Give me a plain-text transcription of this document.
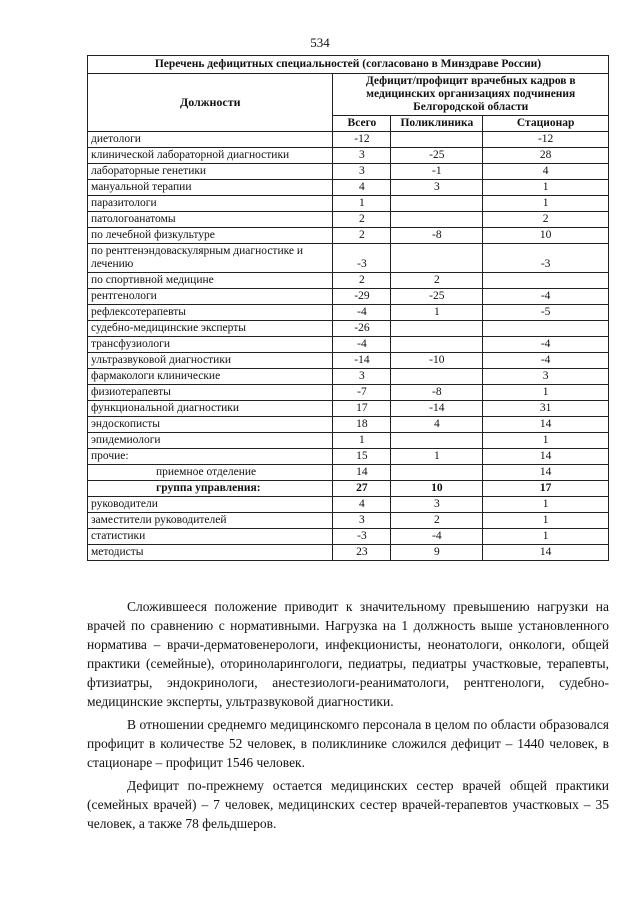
534
Перечень дефицитных специальностей (согласовано в Минздраве России)			
Должности	Дефицит/профицит врачебных кадров в медицинских организациях подчинения Белгородской области		
	Всего	Поликлиника	Стационар
диетологи	-12		-12
клинической лабораторной диагностики	3	-25	28
лабораторные генетики	3	-1	4
мануальной терапии	4	3	1
паразитологи	1		1
патологоанатомы	2		2
по лечебной физкультуре	2	-8	10
по рентгенэндоваскулярным диагностике и лечению	-3		-3
по спортивной медицине	2	2	
рентгенологи	-29	-25	-4
рефлексотерапевты	-4	1	-5
судебно-медицинские эксперты	-26		
трансфузиологи	-4		-4
ультразвуковой диагностики	-14	-10	-4
фармакологи клинические	3		3
физиотерапевты	-7	-8	1
функциональной диагностики	17	-14	31
эндоскописты	18	4	14
эпидемиологи	1		1
прочие:	15	1	14
приемное отделение	14		14
группа управления:	27	10	17
руководители	4	3	1
заместители руководителей	3	2	1
статистики	-3	-4	1
методисты	23	9	14

Сложившееся положение приводит к значительному превышению нагрузки на врачей по сравнению с нормативными. Нагрузка на 1 должность выше установленного норматива – врачи-дерматовенерологи, инфекционисты, неонатологи, онкологи, общей практики (семейные), оториноларингологи, педиатры, педиатры участковые, терапевты, фтизиатры, эндокринологи, анестезиологи-реаниматологи, рентгенологи, судебно-медицинские эксперты, ультразвуковой диагностики.

В отношении среднемго медицинскомго персонала в целом по области образовался профицит в количестве 52 человек, в поликлинике сложился дефицит – 1440 человек, в стационаре – профицит 1546 человек.

Дефицит по-прежнему остается медицинских сестер врачей общей практики (семейных врачей) – 7 человек, медицинских сестер врачей-терапевтов участковых – 35 человек, а также 78 фельдшеров.
